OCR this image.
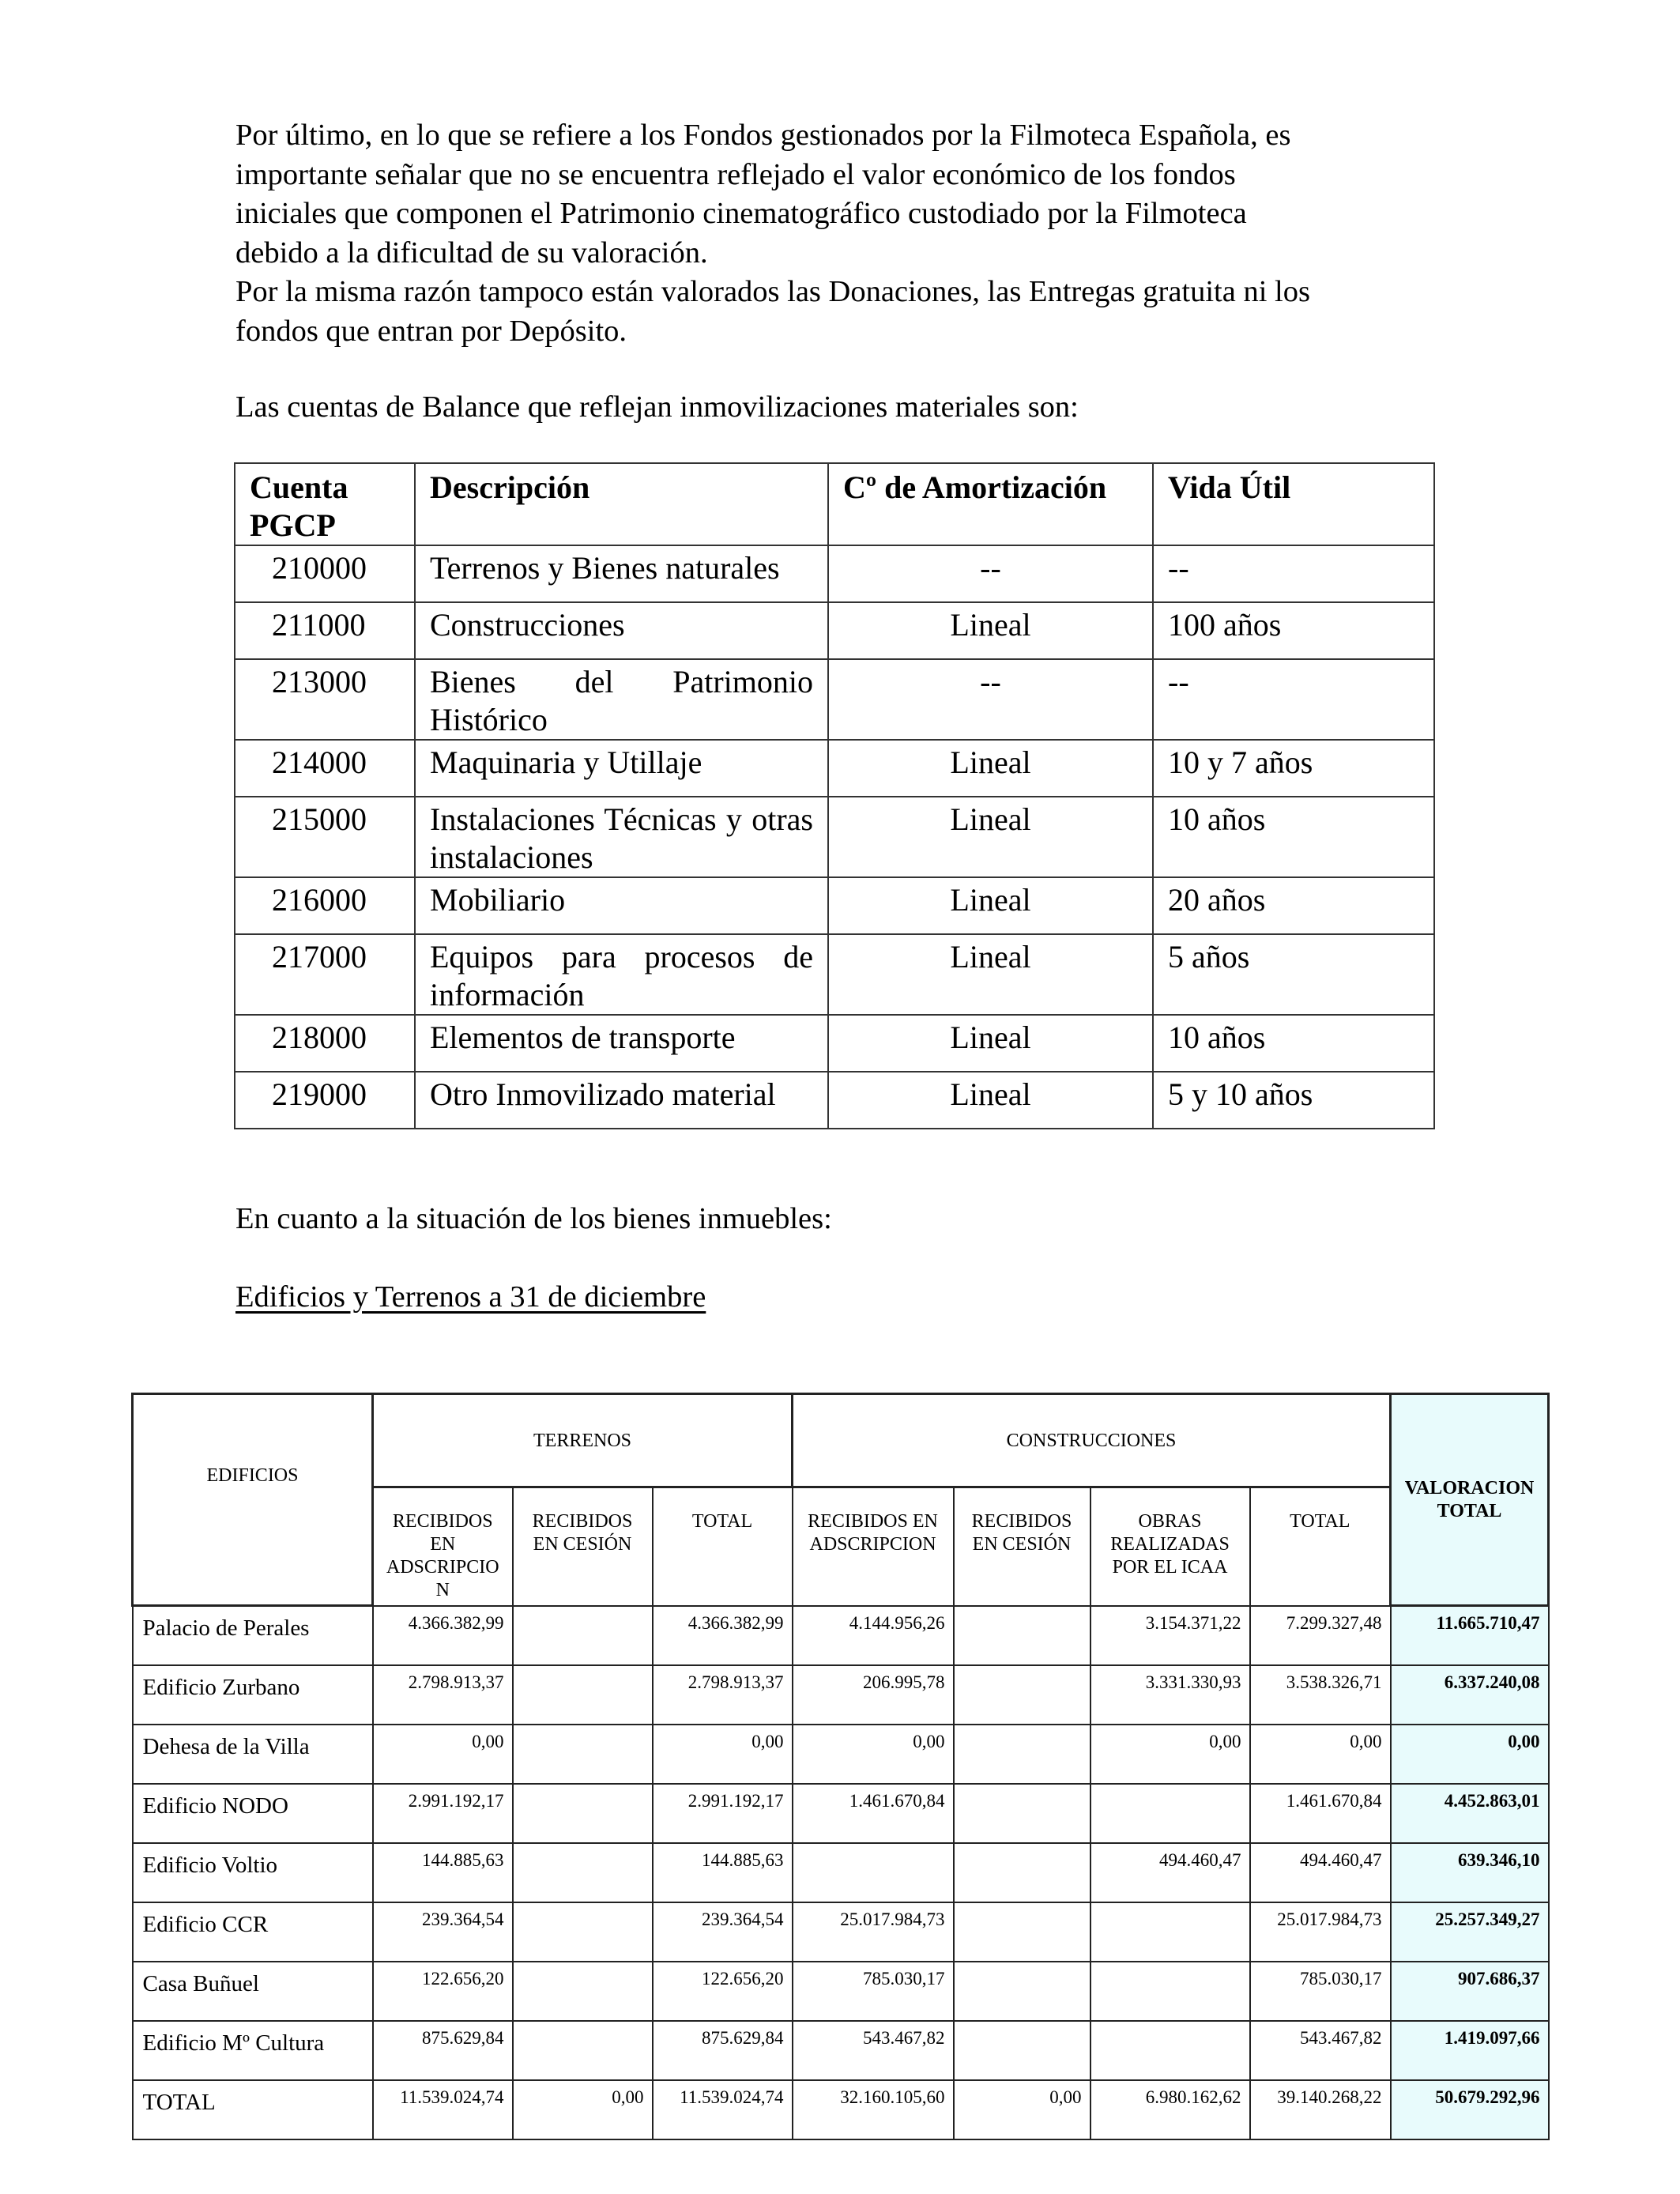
Por último, en lo que se refiere a los Fondos gestionados por la Filmoteca Española, es
importante señalar que no se encuentra reflejado el valor económico de los fondos
iniciales que componen el Patrimonio cinematográfico custodiado por la Filmoteca
debido a la dificultad de su valoración.
Por la misma razón tampoco están valorados las Donaciones, las Entregas gratuita ni los
fondos que entran por Depósito.
Las cuentas de Balance que reflejan inmovilizaciones materiales son:
Cuenta PGCP	Descripción	Cº de Amortización	Vida Útil
210000	Terrenos y Bienes naturales	--	--
211000	Construcciones	Lineal	100 años
213000	Bienes del Patrimonio Histórico	--	--
214000	Maquinaria y Utillaje	Lineal	10 y 7 años
215000	Instalaciones Técnicas y otras instalaciones	Lineal	10 años
216000	Mobiliario	Lineal	20 años
217000	Equipos para procesos de información	Lineal	5 años
218000	Elementos de transporte	Lineal	10 años
219000	Otro Inmovilizado material	Lineal	5 y 10 años
En cuanto a la situación de los bienes inmuebles:
Edificios y Terrenos a 31 de diciembre
EDIFICIOS	TERRENOS			CONSTRUCCIONES				VALORACION TOTAL
	RECIBIDOS EN ADSCRIPCIO N	RECIBIDOS EN CESIÓN	TOTAL	RECIBIDOS EN ADSCRIPCION	RECIBIDOS EN CESIÓN	OBRAS REALIZADAS POR EL ICAA	TOTAL	
Palacio de Perales	4.366.382,99		4.366.382,99	4.144.956,26		3.154.371,22	7.299.327,48	11.665.710,47
Edificio Zurbano	2.798.913,37		2.798.913,37	206.995,78		3.331.330,93	3.538.326,71	6.337.240,08
Dehesa de la Villa	0,00		0,00	0,00		0,00	0,00	0,00
Edificio NODO	2.991.192,17		2.991.192,17	1.461.670,84			1.461.670,84	4.452.863,01
Edificio Voltio	144.885,63		144.885,63			494.460,47	494.460,47	639.346,10
Edificio CCR	239.364,54		239.364,54	25.017.984,73			25.017.984,73	25.257.349,27
Casa Buñuel	122.656,20		122.656,20	785.030,17			785.030,17	907.686,37
Edificio Mº Cultura	875.629,84		875.629,84	543.467,82			543.467,82	1.419.097,66
TOTAL	11.539.024,74	0,00	11.539.024,74	32.160.105,60	0,00	6.980.162,62	39.140.268,22	50.679.292,96
